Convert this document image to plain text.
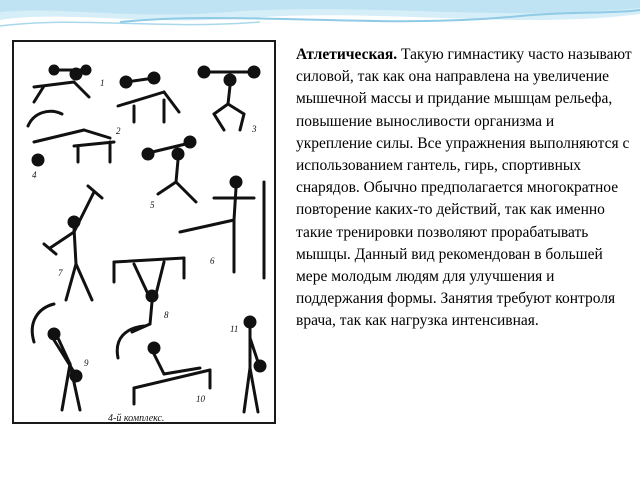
1
2	3
4
5
6
7
8
9
10
11
4-й комплекс.
Атлетическая. Такую гимнастику часто называют силовой, так как она направлена на увеличение мышечной массы и придание мышцам рельефа, повышение выносливости организма и укрепление силы. Все упражнения выполняются с использованием гантель, гирь, спортивных снарядов. Обычно предполагается многократное повторение каких-то действий, так как именно такие тренировки позволяют прорабатывать мышцы. Данный вид рекомендован в большей мере молодым людям для улучшения и поддержания формы. Занятия требуют контроля врача, так как нагрузка интенсивная.
